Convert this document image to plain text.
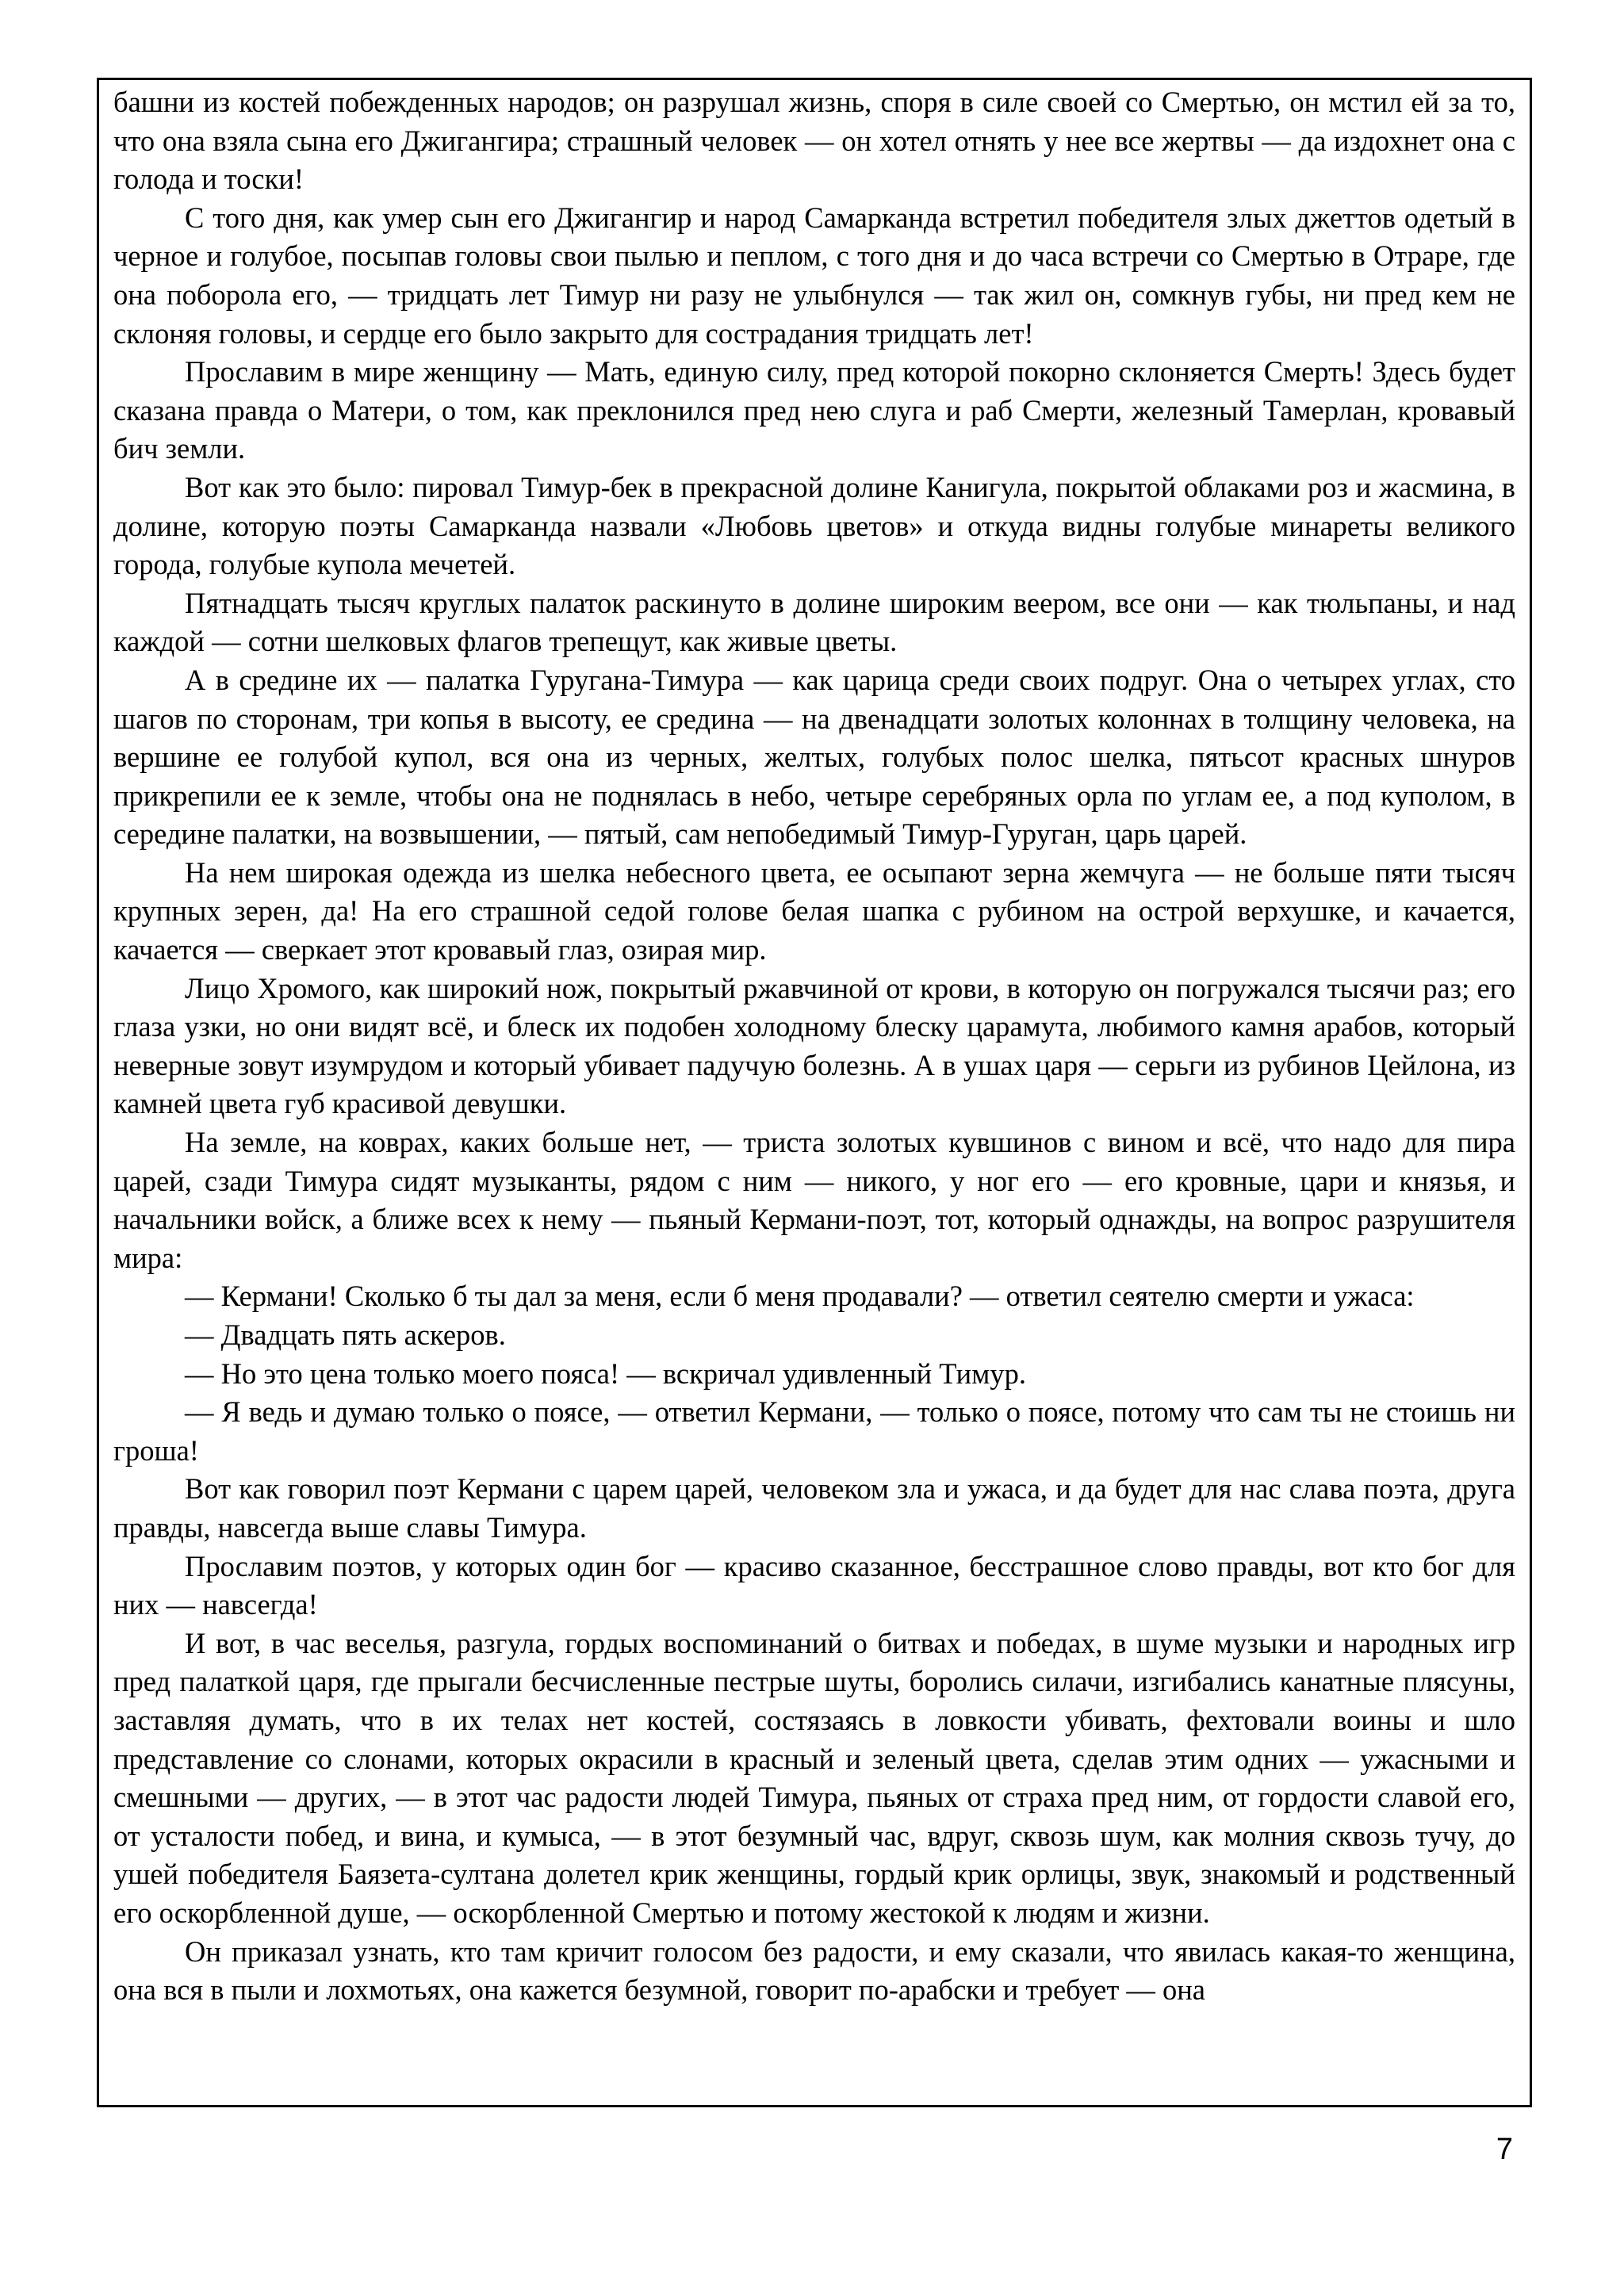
башни из костей побежденных народов; он разрушал жизнь, споря в силе своей со Смертью, он мстил ей за то, что она взяла сына его Джигангира; страшный человек — он хотел отнять у нее все жертвы — да издохнет она с голода и тоски!

С того дня, как умер сын его Джигангир и народ Самарканда встретил победителя злых джеттов одетый в черное и голубое, посыпав головы свои пылью и пеплом, с того дня и до часа встречи со Смертью в Отраре, где она поборола его, — тридцать лет Тимур ни разу не улыбнулся — так жил он, сомкнув губы, ни пред кем не склоняя головы, и сердце его было закрыто для сострадания тридцать лет!

Прославим в мире женщину — Мать, единую силу, пред которой покорно склоняется Смерть! Здесь будет сказана правда о Матери, о том, как преклонился пред нею слуга и раб Смерти, железный Тамерлан, кровавый бич земли.

Вот как это было: пировал Тимур-бек в прекрасной долине Канигула, покрытой облаками роз и жасмина, в долине, которую поэты Самарканда назвали «Любовь цветов» и откуда видны голубые минареты великого города, голубые купола мечетей.

Пятнадцать тысяч круглых палаток раскинуто в долине широким веером, все они — как тюльпаны, и над каждой — сотни шелковых флагов трепещут, как живые цветы.

А в средине их — палатка Гуругана-Тимура — как царица среди своих подруг. Она о четырех углах, сто шагов по сторонам, три копья в высоту, ее средина — на двенадцати золотых колоннах в толщину человека, на вершине ее голубой купол, вся она из черных, желтых, голубых полос шелка, пятьсот красных шнуров прикрепили ее к земле, чтобы она не поднялась в небо, четыре серебряных орла по углам ее, а под куполом, в середине палатки, на возвышении, — пятый, сам непобедимый Тимур-Гуруган, царь царей.

На нем широкая одежда из шелка небесного цвета, ее осыпают зерна жемчуга — не больше пяти тысяч крупных зерен, да! На его страшной седой голове белая шапка с рубином на острой верхушке, и качается, качается — сверкает этот кровавый глаз, озирая мир.

Лицо Хромого, как широкий нож, покрытый ржавчиной от крови, в которую он погружался тысячи раз; его глаза узки, но они видят всё, и блеск их подобен холодному блеску царамута, любимого камня арабов, который неверные зовут изумрудом и который убивает падучую болезнь. А в ушах царя — серьги из рубинов Цейлона, из камней цвета губ красивой девушки.

На земле, на коврах, каких больше нет, — триста золотых кувшинов с вином и всё, что надо для пира царей, сзади Тимура сидят музыканты, рядом с ним — никого, у ног его — его кровные, цари и князья, и начальники войск, а ближе всех к нему — пьяный Кермани-поэт, тот, который однажды, на вопрос разрушителя мира:

— Кермани! Сколько б ты дал за меня, если б меня продавали? — ответил сеятелю смерти и ужаса:

— Двадцать пять аскеров.

— Но это цена только моего пояса! — вскричал удивленный Тимур.

— Я ведь и думаю только о поясе, — ответил Кермани, — только о поясе, потому что сам ты не стоишь ни гроша!

Вот как говорил поэт Кермани с царем царей, человеком зла и ужаса, и да будет для нас слава поэта, друга правды, навсегда выше славы Тимура.

Прославим поэтов, у которых один бог — красиво сказанное, бесстрашное слово правды, вот кто бог для них — навсегда!

И вот, в час веселья, разгула, гордых воспоминаний о битвах и победах, в шуме музыки и народных игр пред палаткой царя, где прыгали бесчисленные пестрые шуты, боролись силачи, изгибались канатные плясуны, заставляя думать, что в их телах нет костей, состязаясь в ловкости убивать, фехтовали воины и шло представление со слонами, которых окрасили в красный и зеленый цвета, сделав этим одних — ужасными и смешными — других, — в этот час радости людей Тимура, пьяных от страха пред ним, от гордости славой его, от усталости побед, и вина, и кумыса, — в этот безумный час, вдруг, сквозь шум, как молния сквозь тучу, до ушей победителя Баязета-султана долетел крик женщины, гордый крик орлицы, звук, знакомый и родственный его оскорбленной душе, — оскорбленной Смертью и потому жестокой к людям и жизни.

Он приказал узнать, кто там кричит голосом без радости, и ему сказали, что явилась какая-то женщина, она вся в пыли и лохмотьях, она кажется безумной, говорит по-арабски и требует — она

7
